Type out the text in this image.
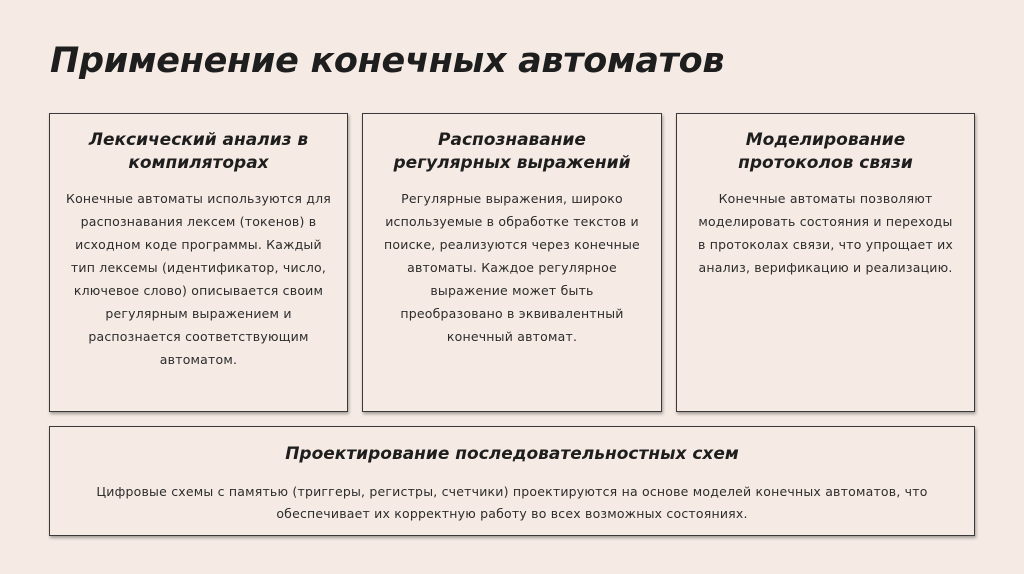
Применение конечных автоматов
Лексический анализ в компиляторах

Конечные автоматы используются для распознавания лексем (токенов) в исходном коде программы. Каждый тип лексемы (идентификатор, число, ключевое слово) описывается своим регулярным выражением и распознается соответствующим автоматом.

Распознавание регулярных выражений

Регулярные выражения, широко используемые в обработке текстов и поиске, реализуются через конечные автоматы. Каждое регулярное выражение может быть преобразовано в эквивалентный конечный автомат.

Моделирование протоколов связи

Конечные автоматы позволяют моделировать состояния и переходы в протоколах связи, что упрощает их анализ, верификацию и реализацию.

Проектирование последовательностных схем

Цифровые схемы с памятью (триггеры, регистры, счетчики) проектируются на основе моделей конечных автоматов, что обеспечивает их корректную работу во всех возможных состояниях.
